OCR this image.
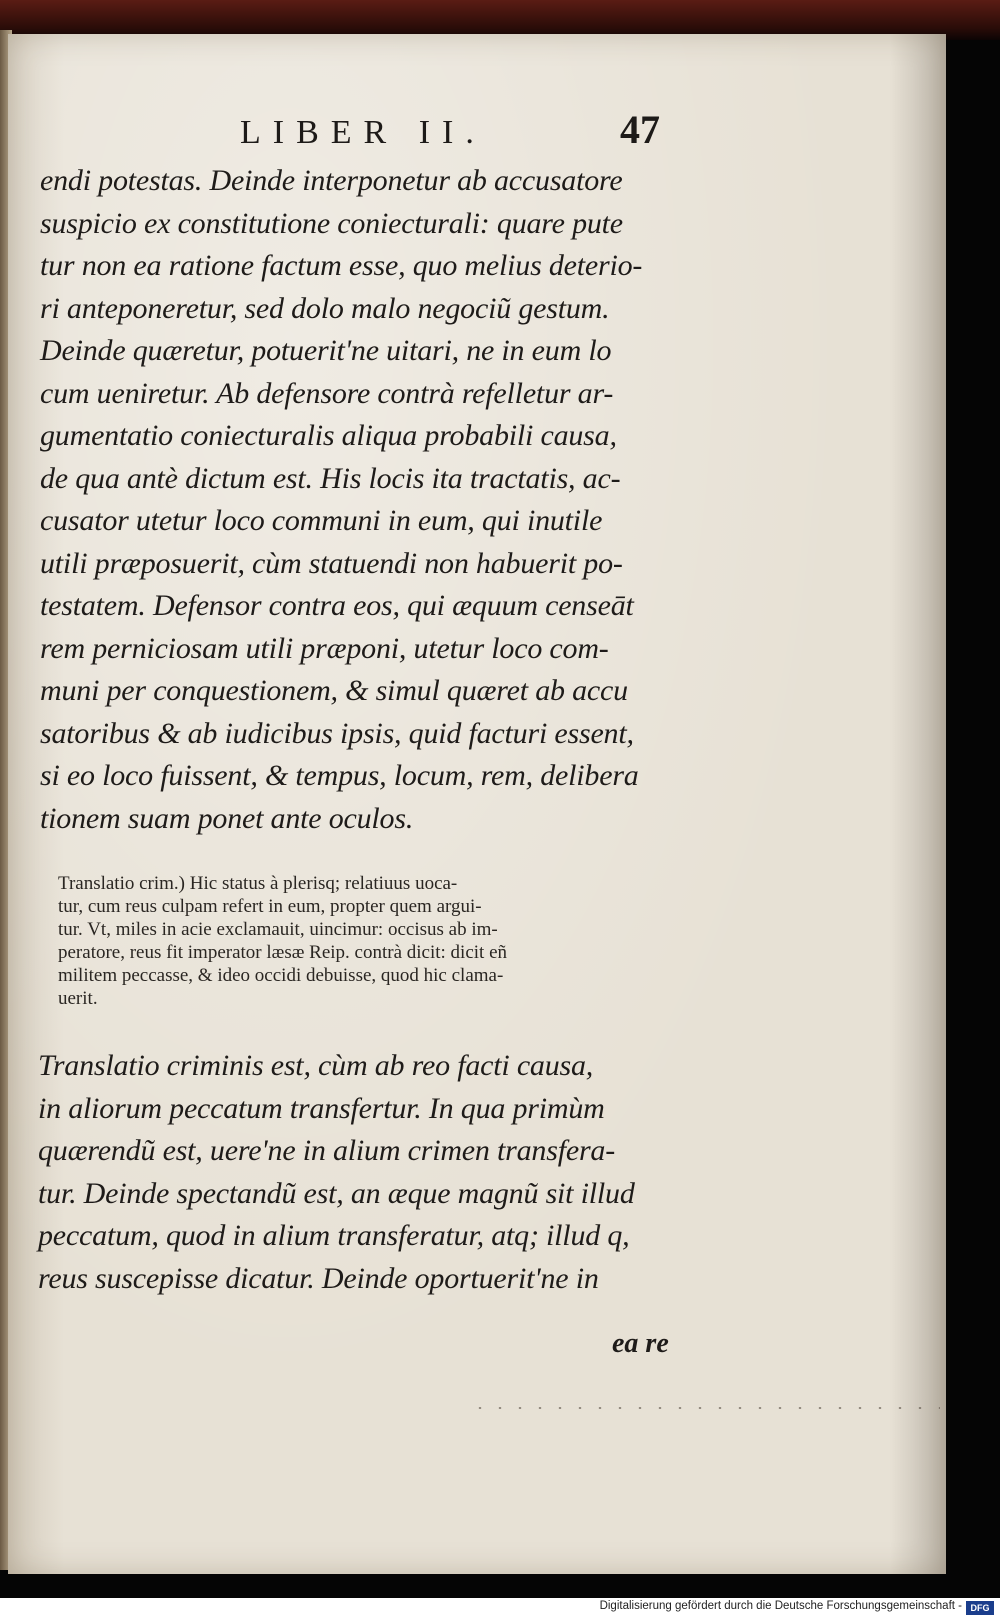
LIBER II.	47
endi potestas. Deinde interponetur ab accusatore
suspicio ex constitutione coniecturali: quare pute
tur non ea ratione factum esse, quo melius deterio-
ri anteponeretur, sed dolo malo negociũ gestum.
Deinde quæretur, potuerit'ne uitari, ne in eum lo
cum ueniretur. Ab defensore contrà refelletur ar-
gumentatio coniecturalis aliqua probabili causa,
de qua antè dictum est. His locis ita tractatis, ac-
cusator utetur loco communi in eum, qui inutile
utili præposuerit, cùm statuendi non habuerit po-
testatem. Defensor contra eos, qui æquum censeāt
rem perniciosam utili præponi, utetur loco com-
muni per conquestionem, & simul quæret ab accu
satoribus & ab iudicibus ipsis, quid facturi essent,
si eo loco fuissent, & tempus, locum, rem, delibera
tionem suam ponet ante oculos.
Translatio crim.) Hic status à plerisq; relatiuus uoca-
tur, cum reus culpam refert in eum, propter quem argui-
tur. Vt, miles in acie exclamauit, uincimur: occisus ab im-
peratore, reus fit imperator læsæ Reip. contrà dicit: dicit eñ
militem peccasse, & ideo occidi debuisse, quod hic clama-
uerit.
Translatio criminis est, cùm ab reo facti causa,
in aliorum peccatum transfertur. In qua primùm
quærendũ est, uere'ne in alium crimen transfera-
tur. Deinde spectandũ est, an æque magnũ sit illud
peccatum, quod in alium transferatur, atq; illud q,
reus suscepisse dicatur. Deinde oportuerit'ne in
ea re
Digitalisierung gefördert durch die Deutsche Forschungsgemeinschaft - DFG
